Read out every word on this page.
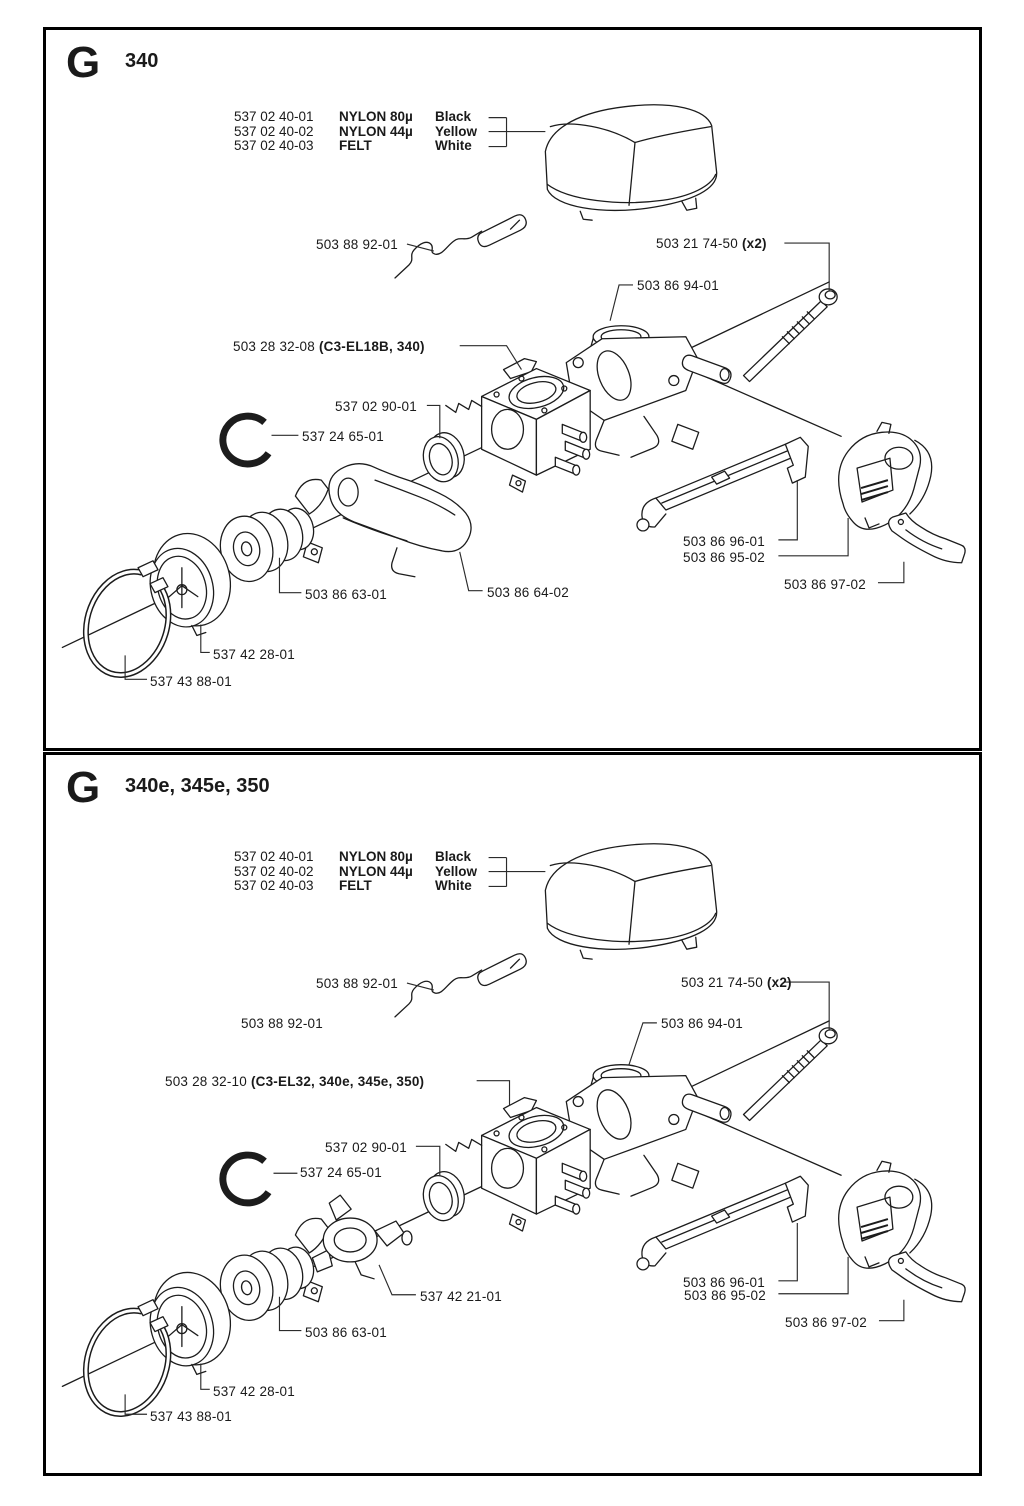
G 340
537 02 40-01	NYLON 80µ	Black
537 02 40-02	NYLON 44µ	Yellow
537 02 40-03	FELT	White
503 88 92-01	503 21 74-50 (x2)
503 86 94-01
503 28 32-08 (C3-EL18B, 340)
537 02 90-01
537 24 65-01
503 86 63-01	503 86 64-02
503 86 96-01
503 86 95-02
503 86 97-02
537 42 28-01
537 43 88-01
G 340e, 345e, 350
537 02 40-01	NYLON 80µ	Black
537 02 40-02	NYLON 44µ	Yellow
537 02 40-03	FELT	White
503 88 92-01
503 88 92-01
503 21 74-50 (x2)
503 86 94-01
503 28 32-10 (C3-EL32, 340e, 345e, 350)
537 02 90-01
537 24 65-01
537 42 21-01
503 86 63-01
503 86 96-01
503 86 95-02
503 86 97-02
537 42 28-01
537 43 88-01
